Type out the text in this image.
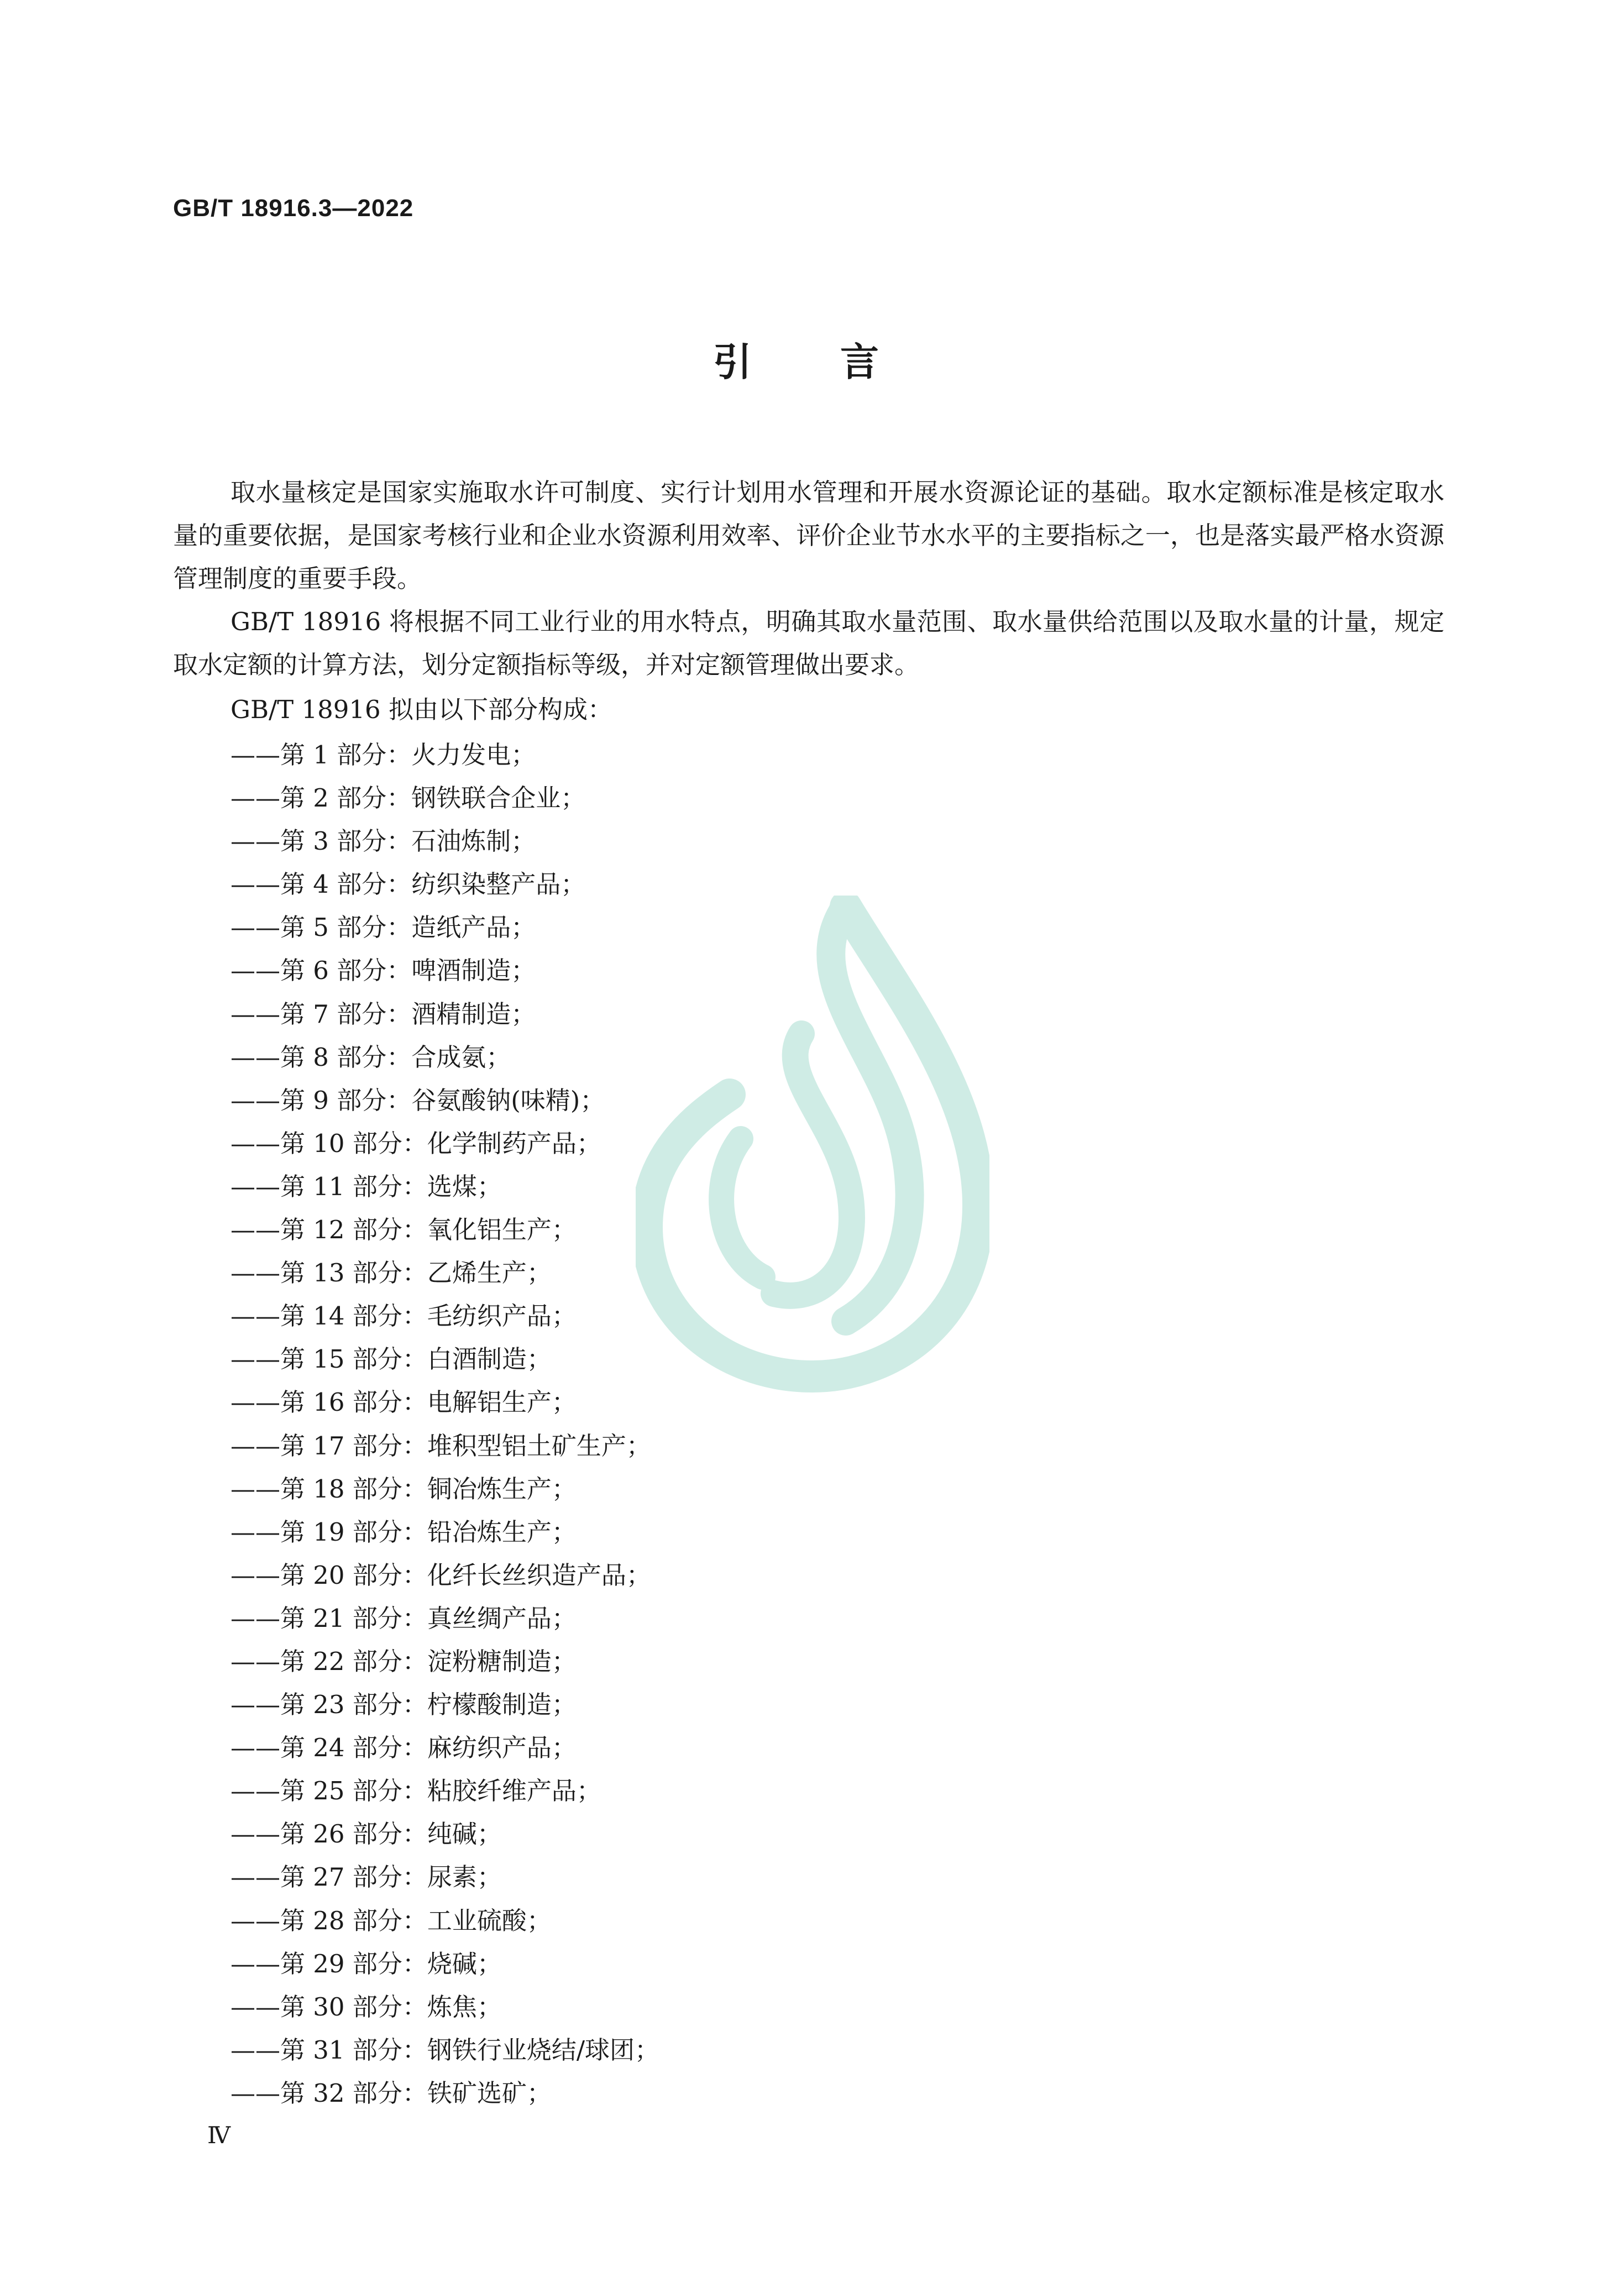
GB/T 18916.3—2022
引言

取水量核定是国家实施取水许可制度、实行计划用水管理和开展水资源论证的基础。取水定额标准是核定取水量的重要依据，是国家考核行业和企业水资源利用效率、评价企业节水水平的主要指标之一，也是落实最严格水资源管理制度的重要手段。

GB/T 18916 将根据不同工业行业的用水特点，明确其取水量范围、取水量供给范围以及取水量的计量，规定取水定额的计算方法，划分定额指标等级，并对定额管理做出要求。

GB/T 18916 拟由以下部分构成：

——第 1 部分：火力发电；
——第 2 部分：钢铁联合企业；
——第 3 部分：石油炼制；
——第 4 部分：纺织染整产品；
——第 5 部分：造纸产品；
——第 6 部分：啤酒制造；
——第 7 部分：酒精制造；
——第 8 部分：合成氨；
——第 9 部分：谷氨酸钠(味精)；
——第 10 部分：化学制药产品；
——第 11 部分：选煤；
——第 12 部分：氧化铝生产；
——第 13 部分：乙烯生产；
——第 14 部分：毛纺织产品；
——第 15 部分：白酒制造；
——第 16 部分：电解铝生产；
——第 17 部分：堆积型铝土矿生产；
——第 18 部分：铜冶炼生产；
——第 19 部分：铅冶炼生产；
——第 20 部分：化纤长丝织造产品；
——第 21 部分：真丝绸产品；
——第 22 部分：淀粉糖制造；
——第 23 部分：柠檬酸制造；
——第 24 部分：麻纺织产品；
——第 25 部分：粘胶纤维产品；
——第 26 部分：纯碱；
——第 27 部分：尿素；
——第 28 部分：工业硫酸；
——第 29 部分：烧碱；
——第 30 部分：炼焦；
——第 31 部分：钢铁行业烧结/球团；
——第 32 部分：铁矿选矿；
Ⅳ
